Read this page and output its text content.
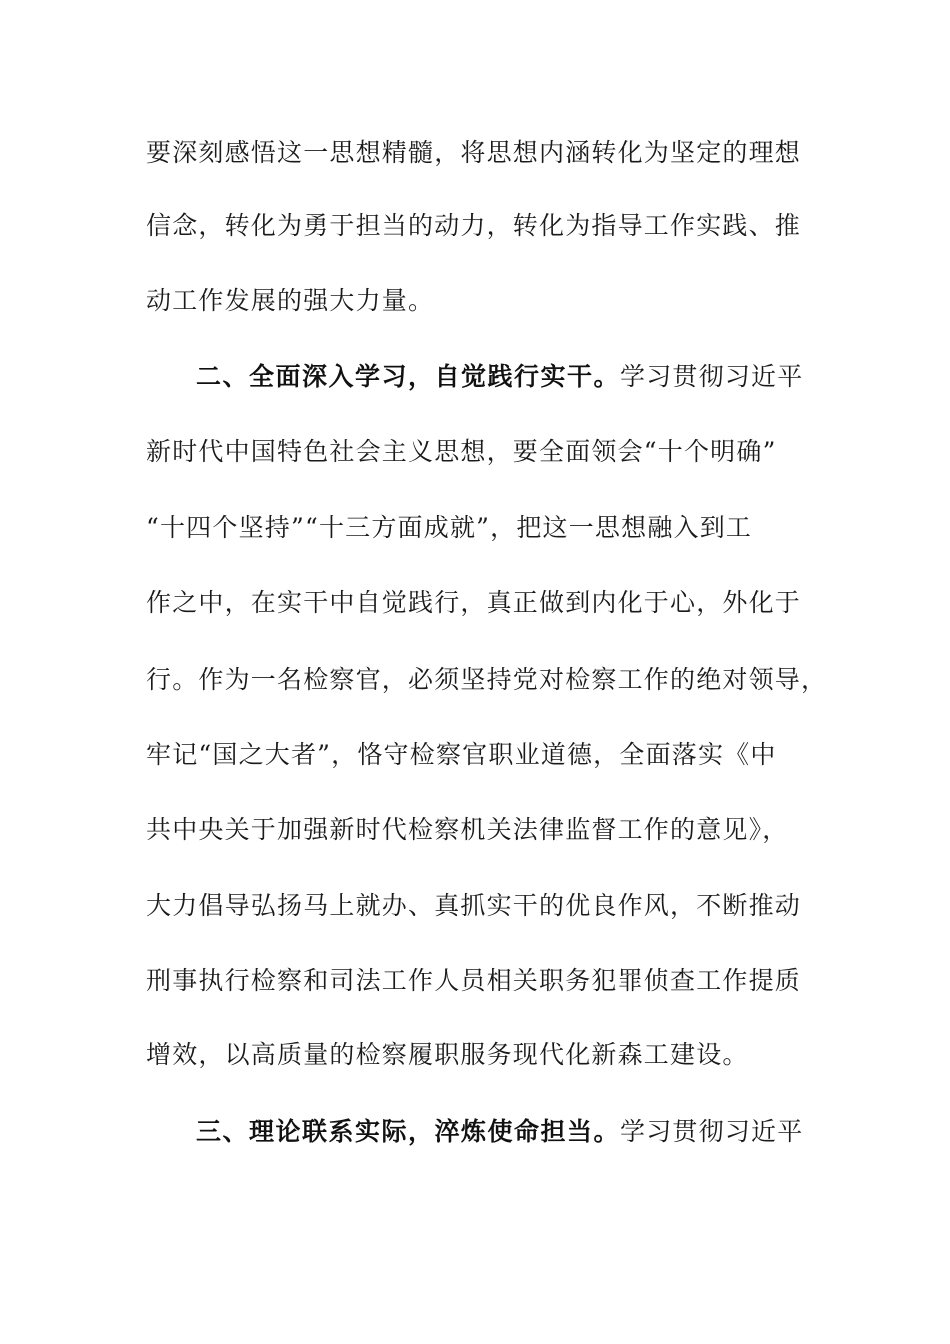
要深刻感悟这一思想精髓，将思想内涵转化为坚定的理想
信念，转化为勇于担当的动力，转化为指导工作实践、推
动工作发展的强大力量。
二、全面深入学习，自觉践行实干。学习贯彻习近平
新时代中国特色社会主义思想，要全面领会“十个明确”
“十四个坚持”“十三方面成就”，把这一思想融入到工
作之中，在实干中自觉践行，真正做到内化于心，外化于
行。作为一名检察官，必须坚持党对检察工作的绝对领导，
牢记“国之大者”，恪守检察官职业道德，全面落实《中
共中央关于加强新时代检察机关法律监督工作的意见》，
大力倡导弘扬马上就办、真抓实干的优良作风，不断推动
刑事执行检察和司法工作人员相关职务犯罪侦查工作提质
增效，以高质量的检察履职服务现代化新森工建设。
三、理论联系实际，淬炼使命担当。学习贯彻习近平
